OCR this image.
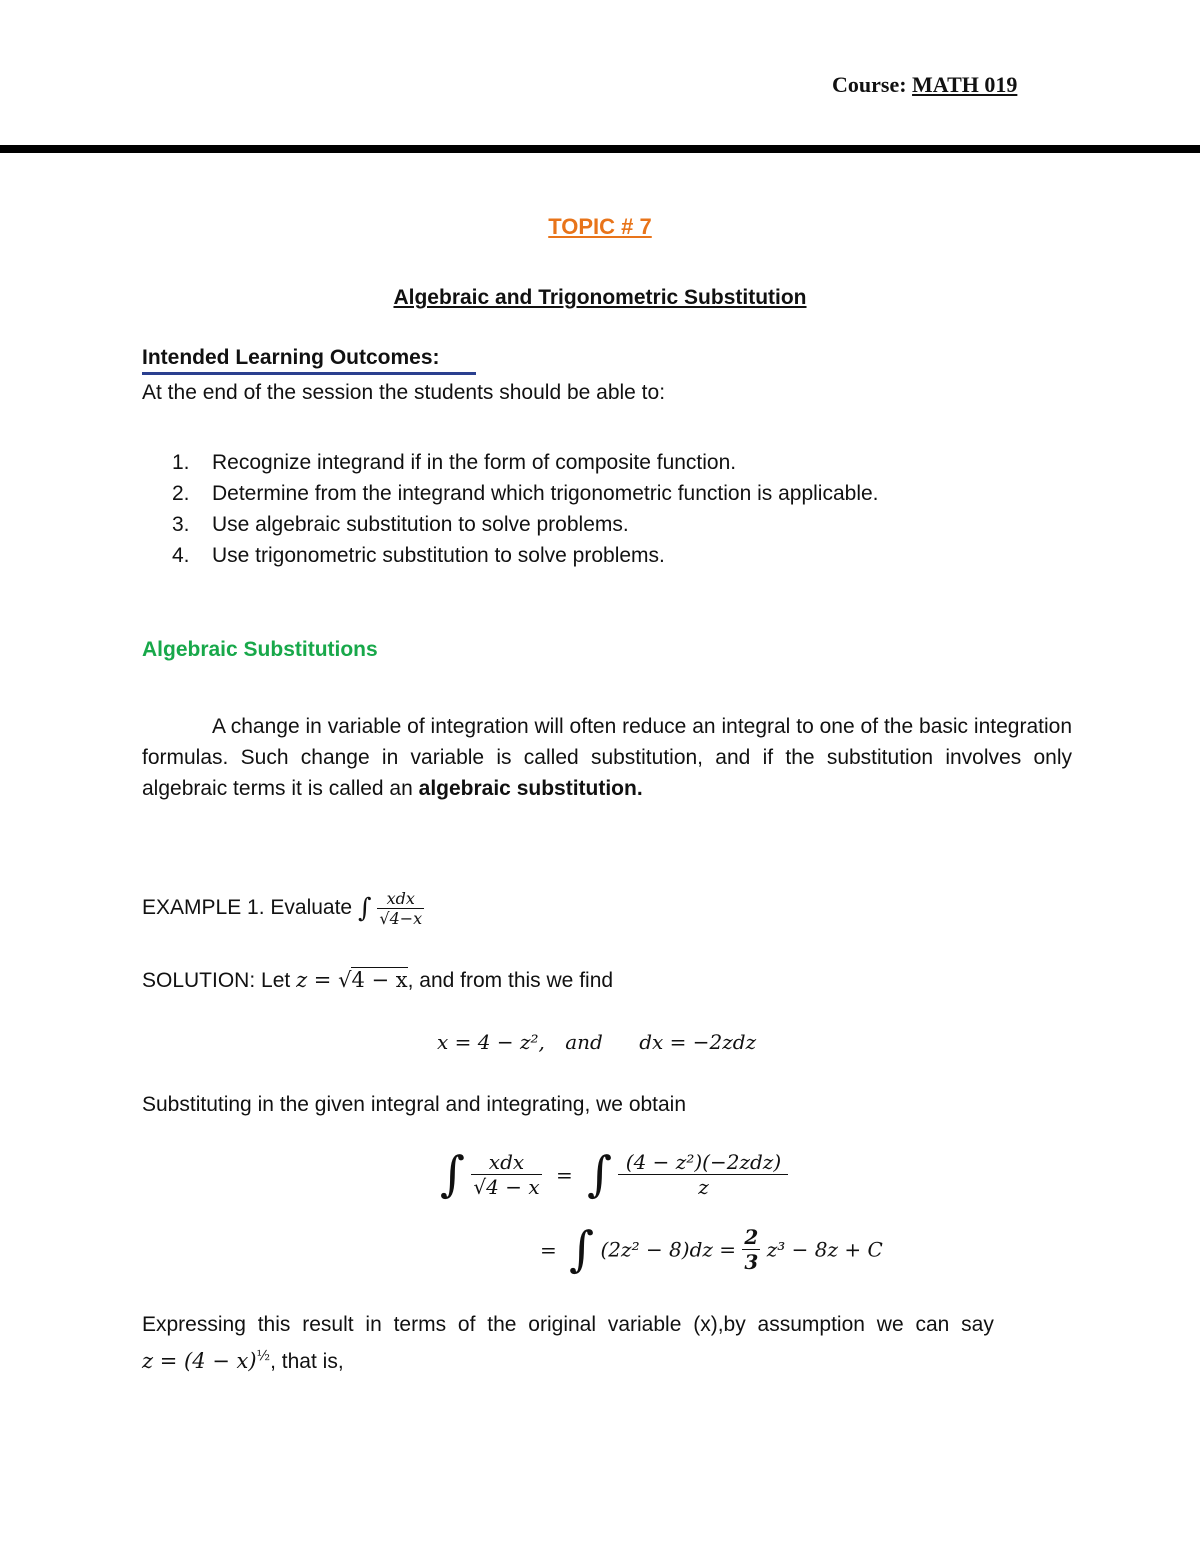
Course: MATH 019
TOPIC # 7
Algebraic and Trigonometric Substitution
Intended Learning Outcomes:
At the end of the session the students should be able to:
1. Recognize integrand if in the form of composite function.
2. Determine from the integrand which trigonometric function is applicable.
3. Use algebraic substitution to solve problems.
4. Use trigonometric substitution to solve problems.
Algebraic Substitutions
A change in variable of integration will often reduce an integral to one of the basic integration formulas. Such change in variable is called substitution, and if the substitution involves only algebraic terms it is called an algebraic substitution.
EXAMPLE 1. Evaluate ∫ $\frac{\text{xdx}}{√4-x}$
SOLUTION: Let z = √4 − x, and from this we find
x = 4 − z², and dx = −2zdz
Substituting in the given integral and integrating, we obtain
∫ $\frac{\text{xdx}}{√4 - x}$ = ∫ $\frac{\text{(4 − z²)(−2zdz)}}{z}$
= ∫ $(2z^2 - 8)dz = \frac{2}{3} z^3 - 8z + C$
Expressing this result in terms of the original variable (x),by assumption we can say
$z = (4 - x)^{\frac{1}{2}}$, that is,
